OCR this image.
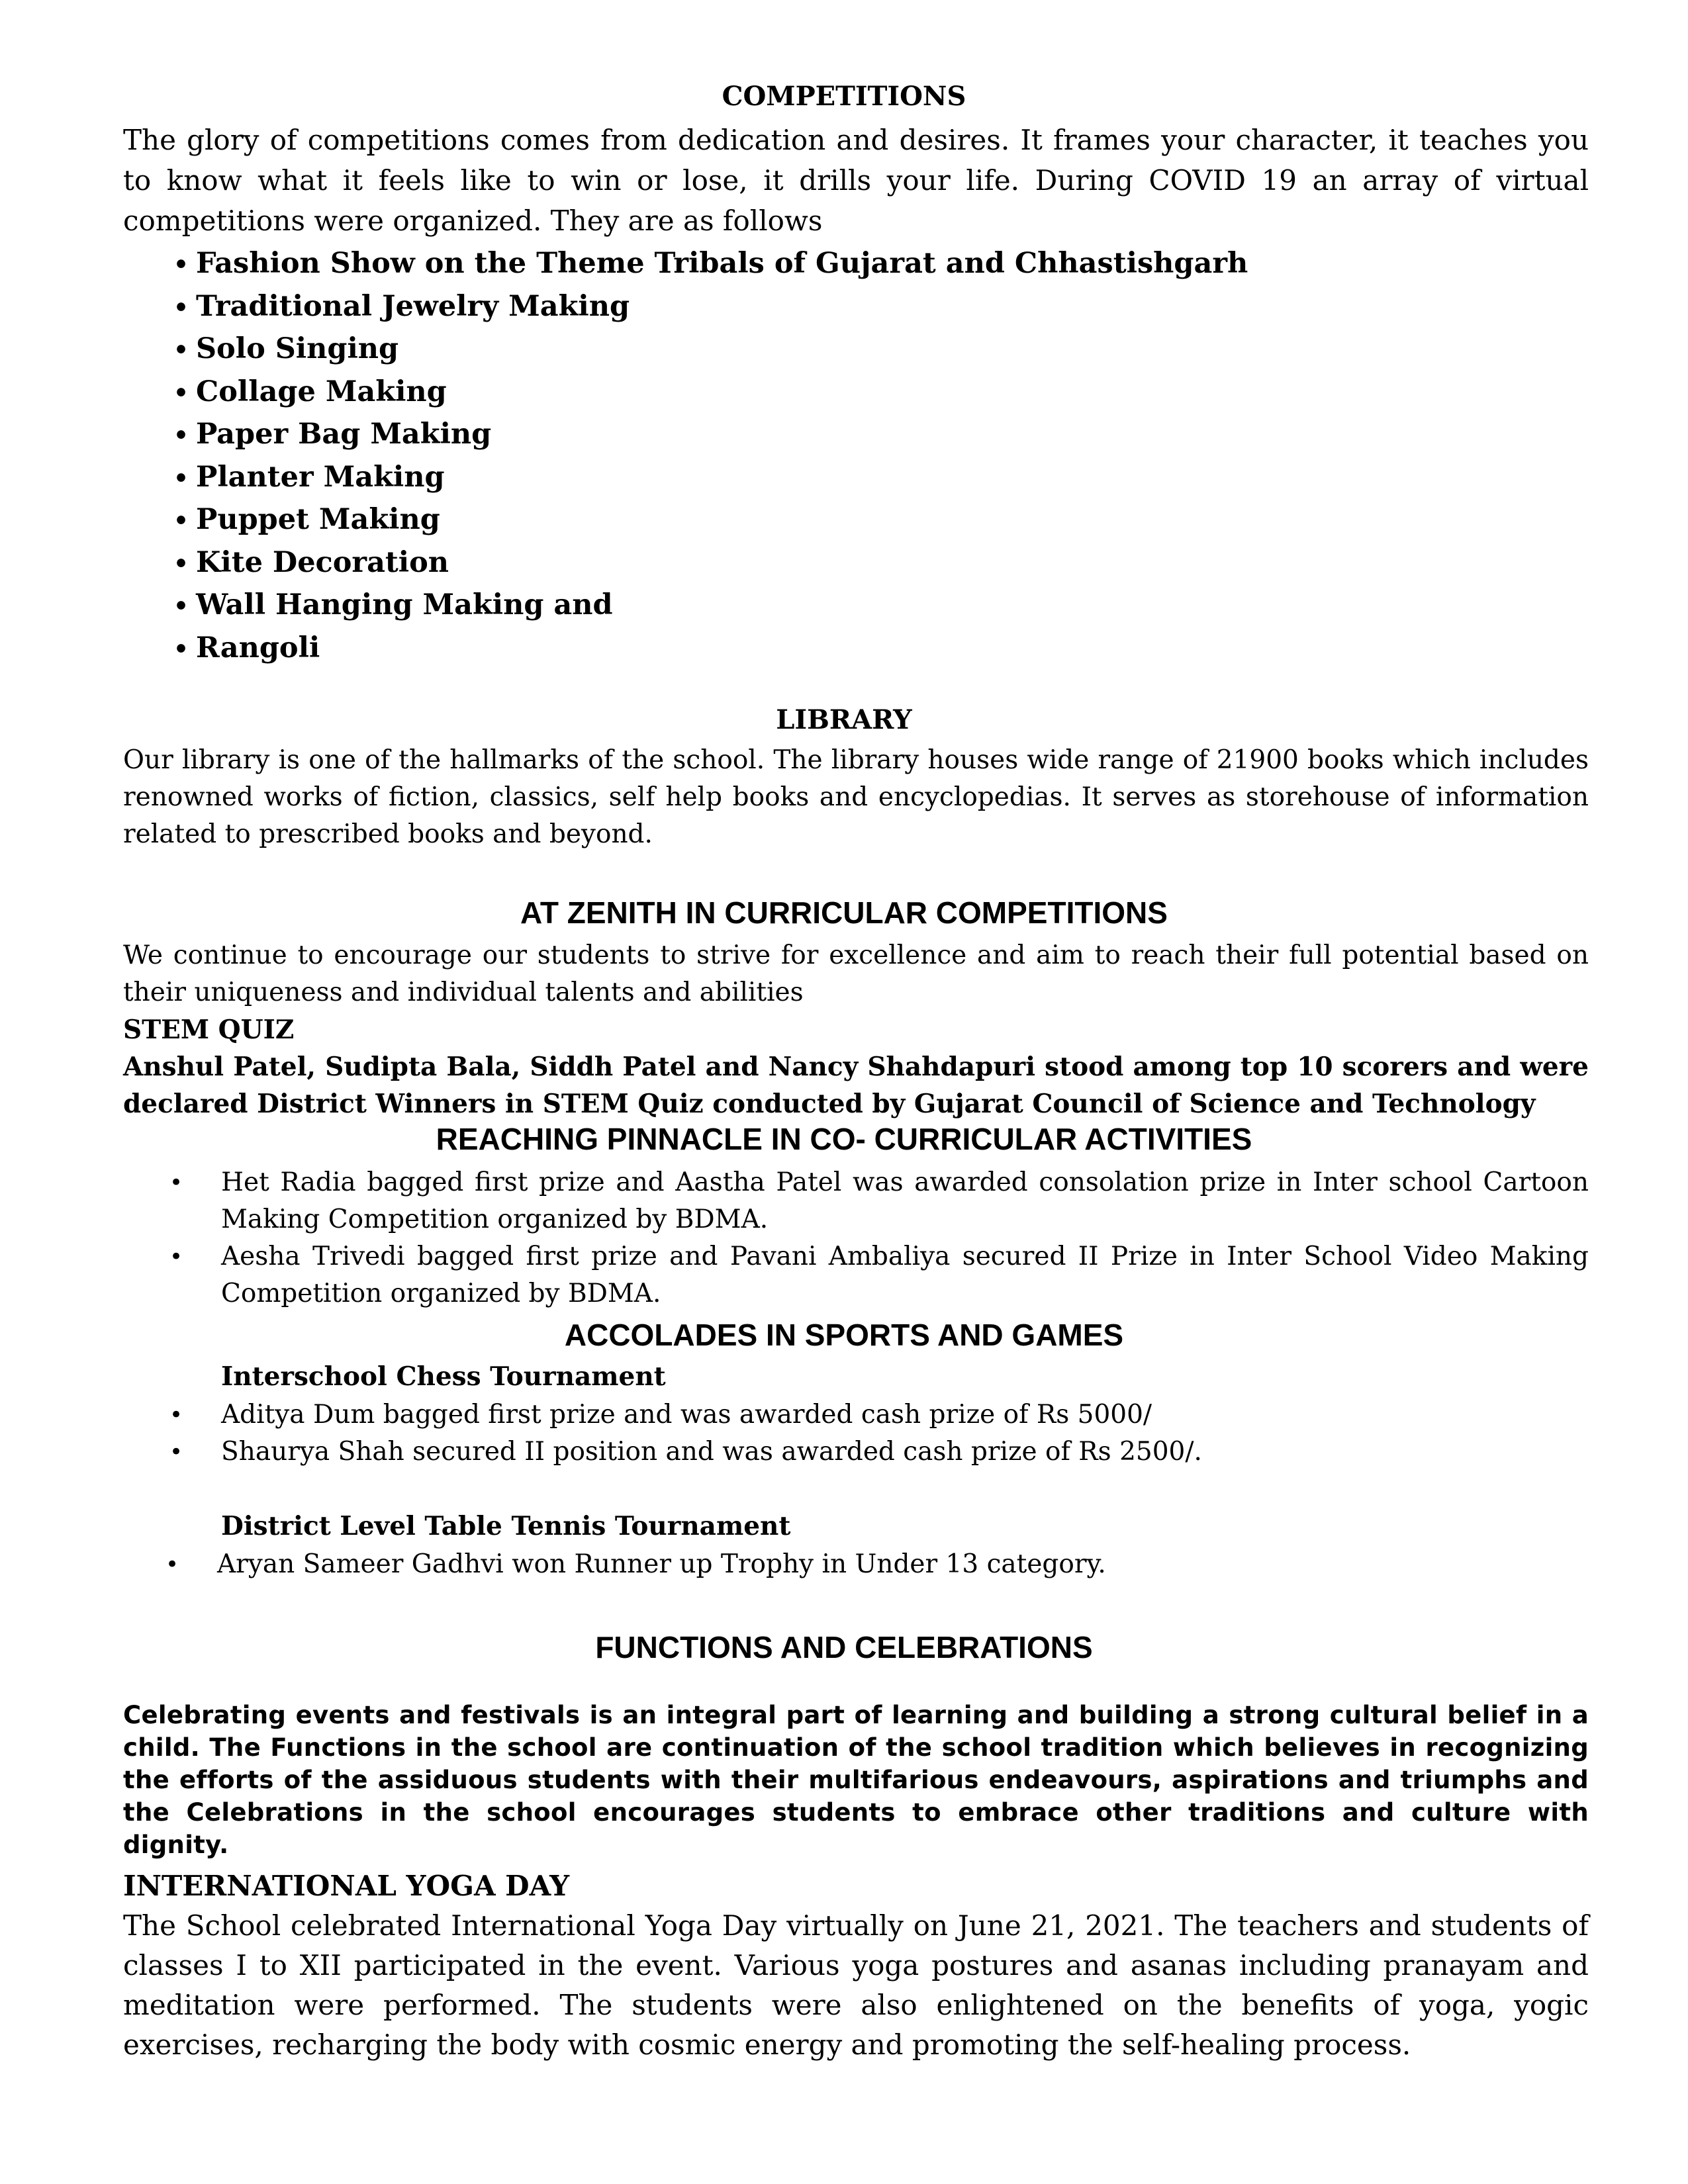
COMPETITIONS

The glory of competitions comes from dedication and desires. It frames your character, it teaches you to know what it feels like to win or lose, it drills your life. During COVID 19 an array of virtual competitions were organized. They are as follows

• Fashion Show on the Theme Tribals of Gujarat and Chhastishgarh
• Traditional Jewelry Making
• Solo Singing
• Collage Making
• Paper Bag Making
• Planter Making
• Puppet Making
• Kite Decoration
• Wall Hanging Making and
• Rangoli
LIBRARY

Our library is one of the hallmarks of the school. The library houses wide range of 21900 books which includes renowned works of fiction, classics, self help books and encyclopedias. It serves as storehouse of information related to prescribed books and beyond.

AT ZENITH IN CURRICULAR COMPETITIONS

We continue to encourage our students to strive for excellence and aim to reach their full potential based on their uniqueness and individual talents and abilities

STEM QUIZ

Anshul Patel, Sudipta Bala, Siddh Patel and Nancy Shahdapuri stood among top 10 scorers and were declared District Winners in STEM Quiz conducted by Gujarat Council of Science and Technology

REACHING PINNACLE IN CO- CURRICULAR ACTIVITIES
• Het Radia bagged first prize and Aastha Patel was awarded consolation prize in Inter school Cartoon Making Competition organized by BDMA.
• Aesha Trivedi bagged first prize and Pavani Ambaliya secured II Prize in Inter School Video Making Competition organized by BDMA.
ACCOLADES IN SPORTS AND GAMES

Interschool Chess Tournament

• Aditya Dum bagged first prize and was awarded cash prize of Rs 5000/
• Shaurya Shah secured II position and was awarded cash prize of Rs 2500/.

District Level Table Tennis Tournament

• Aryan Sameer Gadhvi won Runner up Trophy in Under 13 category.
FUNCTIONS AND CELEBRATIONS

Celebrating events and festivals is an integral part of learning and building a strong cultural belief in a child. The Functions in the school are continuation of the school tradition which believes in recognizing the efforts of the assiduous students with their multifarious endeavours, aspirations and triumphs and the Celebrations in the school encourages students to embrace other traditions and culture with dignity.

INTERNATIONAL YOGA DAY

The School celebrated International Yoga Day virtually on June 21, 2021. The teachers and students of classes I to XII participated in the event. Various yoga postures and asanas including pranayam and meditation were performed. The students were also enlightened on the benefits of yoga, yogic exercises, recharging the body with cosmic energy and promoting the self-healing process.
